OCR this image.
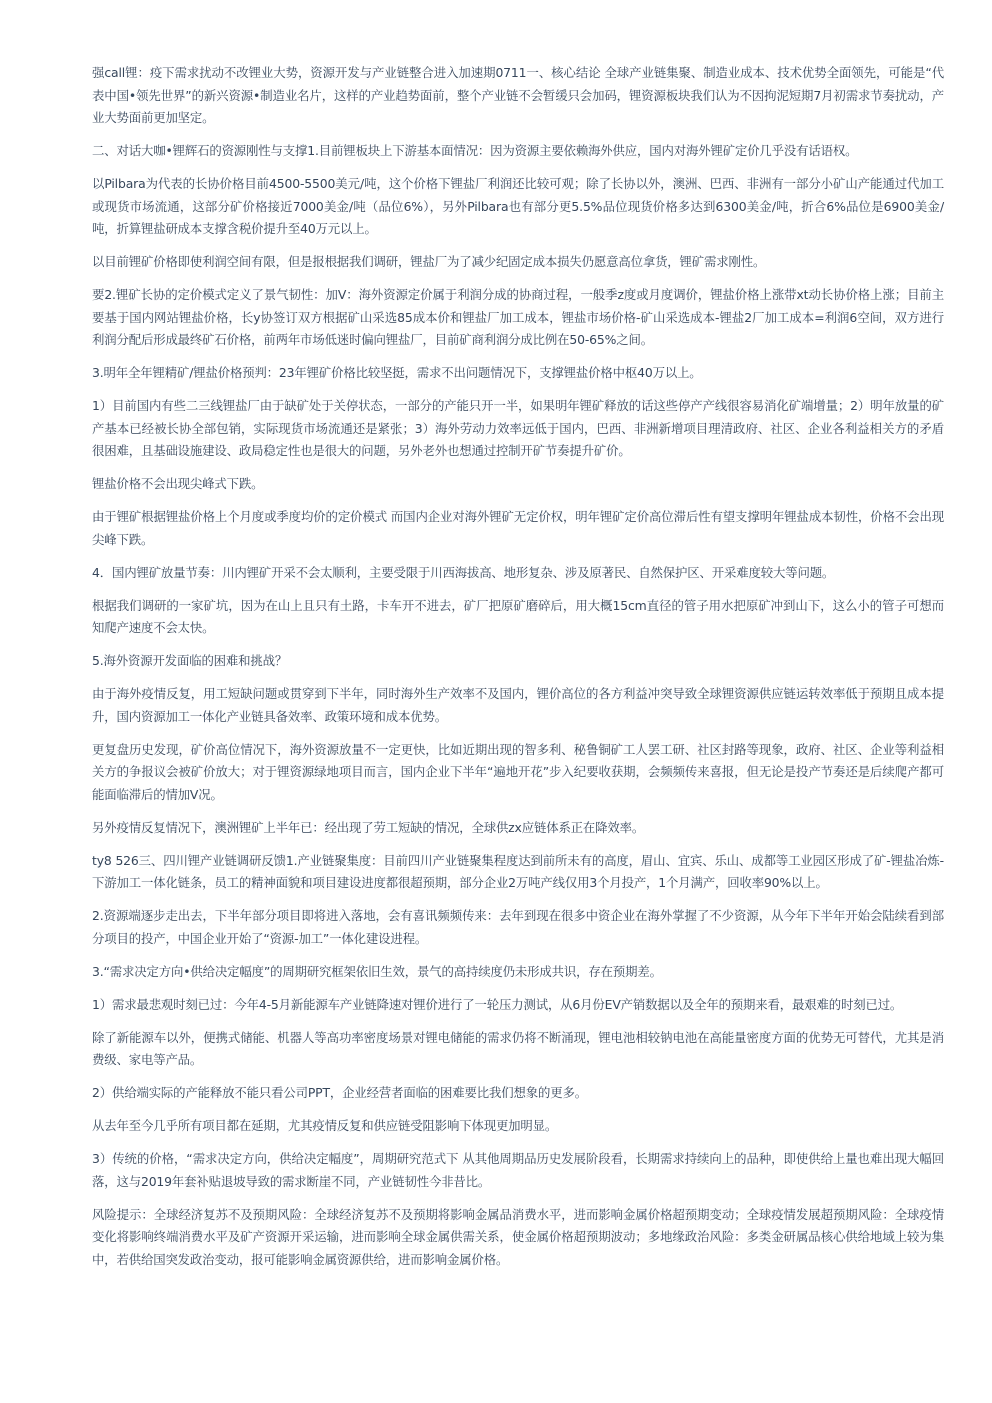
强call锂：疫下需求扰动不改锂业大势，资源开发与产业链整合进入加速期0711一、核心结论 全球产业链集聚、制造业成本、技术优势全面领先，可能是“代表中国•领先世界”的新兴资源•制造业名片，这样的产业趋势面前，整个产业链不会暂缓只会加码，锂资源板块我们认为不因拘泥短期7月初需求节奏扰动，产业大势面前更加坚定。

二、对话大咖•锂辉石的资源刚性与支撑1.目前锂板块上下游基本面情况：因为资源主要依赖海外供应，国内对海外锂矿定价几乎没有话语权。

以Pilbara为代表的长协价格目前4500-5500美元/吨，这个价格下锂盐厂利润还比较可观；除了长协以外，澳洲、巴西、非洲有一部分小矿山产能通过代加工或现货市场流通，这部分矿价格接近7000美金/吨（品位6%），另外Pilbara也有部分更5.5%品位现货价格多达到6300美金/吨，折合6%品位是6900美金/吨，折算锂盐研成本支撑含税价提升至40万元以上。

以目前锂矿价格即使利润空间有限，但是报根据我们调研，锂盐厂为了减少纪固定成本损失仍愿意高位拿货，锂矿需求刚性。

要2.锂矿长协的定价模式定义了景气韧性：加V：海外资源定价属于利润分成的协商过程，一般季z度或月度调价，锂盐价格上涨带xt动长协价格上涨；目前主要基于国内网站锂盐价格，长y协签订双方根据矿山采选85成本价和锂盐厂加工成本，锂盐市场价格-矿山采选成本-锂盐2厂加工成本=利润6空间，双方进行利润分配后形成最终矿石价格，前两年市场低迷时偏向锂盐厂，目前矿商利润分成比例在50-65%之间。

3.明年全年锂精矿/锂盐价格预判：23年锂矿价格比较坚挺，需求不出问题情况下，支撑锂盐价格中枢40万以上。

1）目前国内有些二三线锂盐厂由于缺矿处于关停状态，一部分的产能只开一半，如果明年锂矿释放的话这些停产产线很容易消化矿端增量；2）明年放量的矿产基本已经被长协全部包销，实际现货市场流通还是紧张；3）海外劳动力效率远低于国内，巴西、非洲新增项目理清政府、社区、企业各利益相关方的矛盾很困难，且基础设施建设、政局稳定性也是很大的问题，另外老外也想通过控制开矿节奏提升矿价。

锂盐价格不会出现尖峰式下跌。

由于锂矿根据锂盐价格上个月度或季度均价的定价模式 而国内企业对海外锂矿无定价权，明年锂矿定价高位滞后性有望支撑明年锂盐成本韧性，价格不会出现尖峰下跌。

4．国内锂矿放量节奏：川内锂矿开采不会太顺利，主要受限于川西海拔高、地形复杂、涉及原著民、自然保护区、开采难度较大等问题。

根据我们调研的一家矿坑，因为在山上且只有土路，卡车开不进去，矿厂把原矿磨碎后，用大概15cm直径的管子用水把原矿冲到山下，这么小的管子可想而知爬产速度不会太快。

5.海外资源开发面临的困难和挑战？

由于海外疫情反复，用工短缺问题或贯穿到下半年，同时海外生产效率不及国内，锂价高位的各方利益冲突导致全球锂资源供应链运转效率低于预期且成本提升，国内资源加工一体化产业链具备效率、政策环境和成本优势。

更复盘历史发现，矿价高位情况下，海外资源放量不一定更快，比如近期出现的智多利、秘鲁铜矿工人罢工研、社区封路等现象，政府、社区、企业等利益相关方的争报议会被矿价放大；对于锂资源绿地项目而言，国内企业下半年“遍地开花”步入纪要收获期，会频频传来喜报，但无论是投产节奏还是后续爬产都可能面临滞后的情加V况。

另外疫情反复情况下，澳洲锂矿上半年已：经出现了劳工短缺的情况，全球供zx应链体系正在降效率。

ty8 526三、四川锂产业链调研反馈1.产业链聚集度：目前四川产业链聚集程度达到前所未有的高度，眉山、宜宾、乐山、成都等工业园区形成了矿-锂盐冶炼-下游加工一体化链条，员工的精神面貌和项目建设进度都很超预期，部分企业2万吨产线仅用3个月投产，1个月满产，回收率90%以上。

2.资源端逐步走出去，下半年部分项目即将进入落地，会有喜讯频频传来：去年到现在很多中资企业在海外掌握了不少资源，从今年下半年开始会陆续看到部分项目的投产，中国企业开始了“资源-加工”一体化建设进程。

3.“需求决定方向•供给决定幅度”的周期研究框架依旧生效，景气的高持续度仍未形成共识，存在预期差。

1）需求最悲观时刻已过：今年4-5月新能源车产业链降速对锂价进行了一轮压力测试，从6月份EV产销数据以及全年的预期来看，最艰难的时刻已过。

除了新能源车以外，便携式储能、机器人等高功率密度场景对锂电储能的需求仍将不断涌现，锂电池相较钠电池在高能量密度方面的优势无可替代，尤其是消费级、家电等产品。

2）供给端实际的产能释放不能只看公司PPT，企业经营者面临的困难要比我们想象的更多。

从去年至今几乎所有项目都在延期，尤其疫情反复和供应链受阻影响下体现更加明显。

3）传统的价格，“需求决定方向，供给决定幅度”，周期研究范式下 从其他周期品历史发展阶段看，长期需求持续向上的品种，即使供给上量也难出现大幅回落，这与2019年套补贴退坡导致的需求断崖不同，产业链韧性今非昔比。

风险提示：全球经济复苏不及预期风险：全球经济复苏不及预期将影响金属品消费水平，进而影响金属价格超预期变动；全球疫情发展超预期风险：全球疫情变化将影响终端消费水平及矿产资源开采运输，进而影响全球金属供需关系，使金属价格超预期波动；多地缘政治风险：多类金研属品核心供给地域上较为集中，若供给国突发政治变动，报可能影响金属资源供给，进而影响金属价格。
